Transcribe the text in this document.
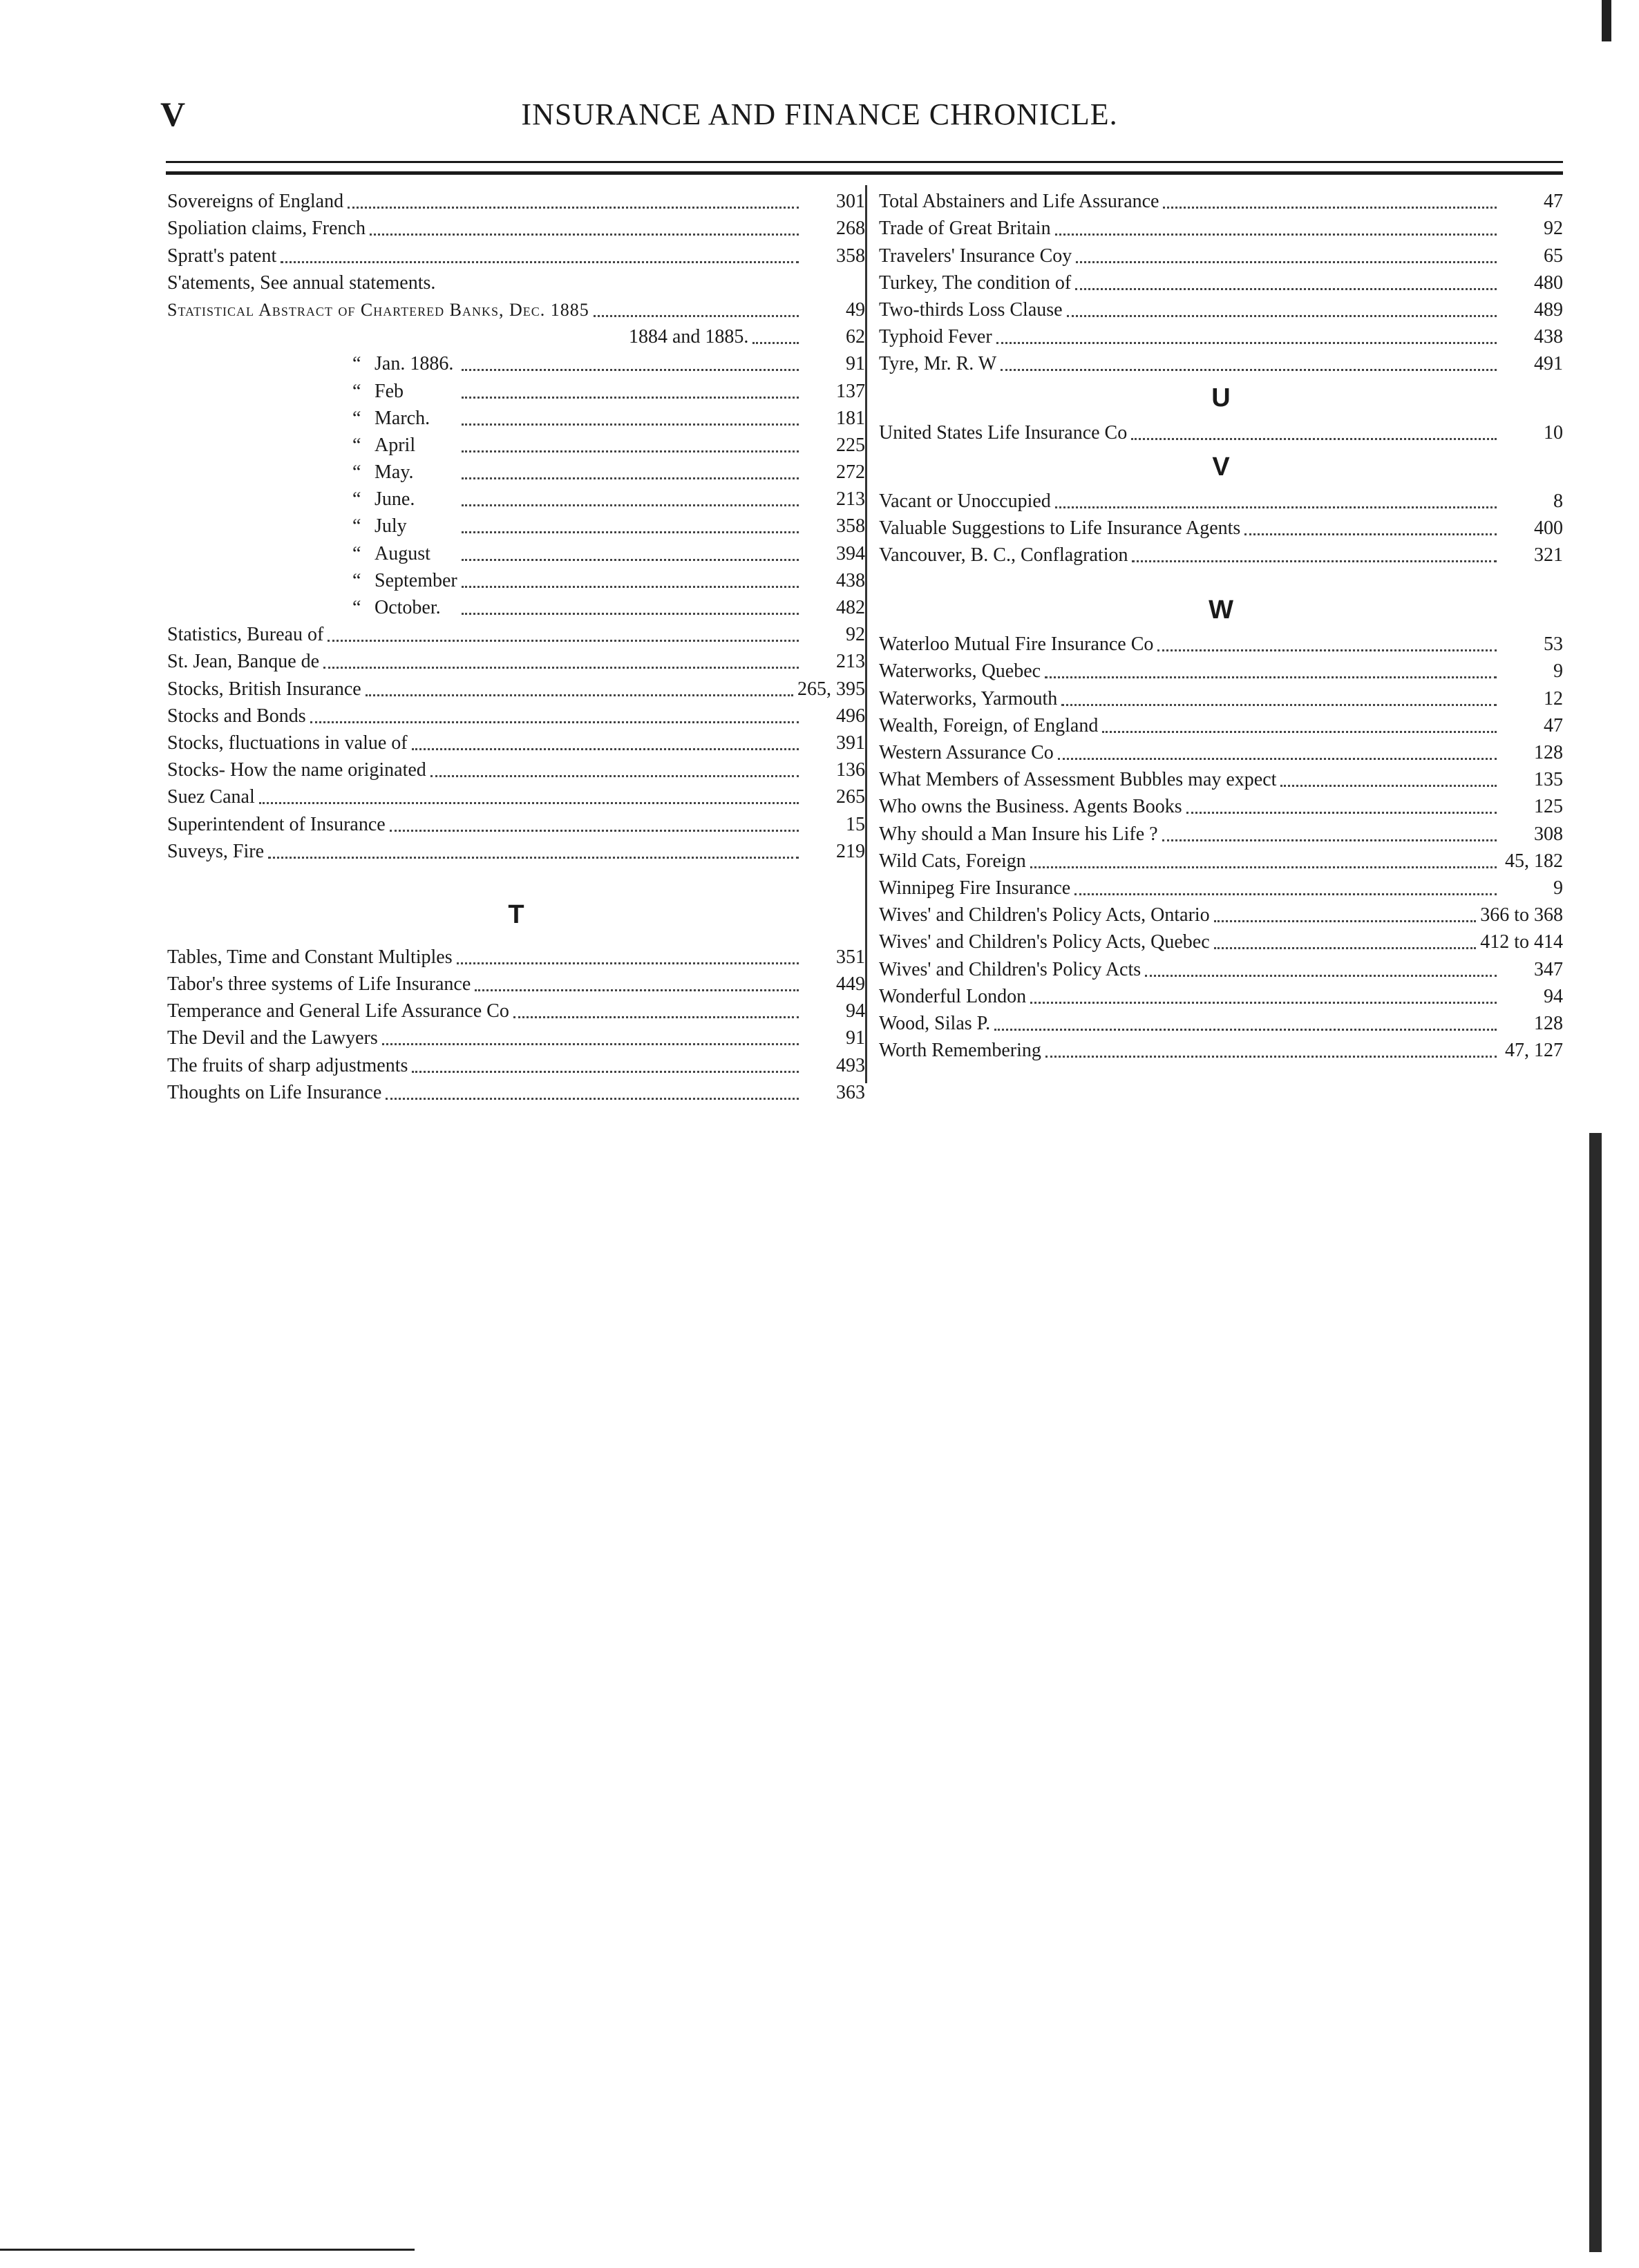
V	INSURANCE AND FINANCE CHRONICLE.
Sovereigns of England	301
Spoliation claims, French	268
Spratt's patent	358
S'atements, See annual statements.
Statistical Abstract of Chartered Banks, Dec. 1885	49
1884 and 1885.	62
“ Jan. 1886.	91
“ Feb	137
“ March.	181
“ April	225
“ May.	272
“ June.	213
“ July	358
“ August	394
“ September	438
“ October.	482
Statistics, Bureau of	92
St. Jean, Banque de	213
Stocks, British Insurance	265, 395
Stocks and Bonds	496
Stocks, fluctuations in value of	391
Stocks- How the name originated	136
Suez Canal	265
Superintendent of Insurance	15
Suveys, Fire	219
T
Tables, Time and Constant Multiples	351
Tabor's three systems of Life Insurance	449
Temperance and General Life Assurance Co	94
The Devil and the Lawyers	91
The fruits of sharp adjustments	493
Thoughts on Life Insurance	363
Total Abstainers and Life Assurance	47
Trade of Great Britain	92
Travelers' Insurance Coy	65
Turkey, The condition of	480
Two-thirds Loss Clause	489
Typhoid Fever	438
Tyre, Mr. R. W	491
U
United States Life Insurance Co	10
V
Vacant or Unoccupied	8
Valuable Suggestions to Life Insurance Agents	400
Vancouver, B. C., Conflagration	321
W
Waterloo Mutual Fire Insurance Co	53
Waterworks, Quebec	9
Waterworks, Yarmouth	12
Wealth, Foreign, of England	47
Western Assurance Co	128
What Members of Assessment Bubbles may expect	135
Who owns the Business. Agents Books	125
Why should a Man Insure his Life ?	308
Wild Cats, Foreign	45, 182
Winnipeg Fire Insurance	9
Wives' and Children's Policy Acts, Ontario	366 to 368
Wives' and Children's Policy Acts, Quebec	412 to 414
Wives' and Children's Policy Acts	347
Wonderful London	94
Wood, Silas P.	128
Worth Remembering	47, 127
